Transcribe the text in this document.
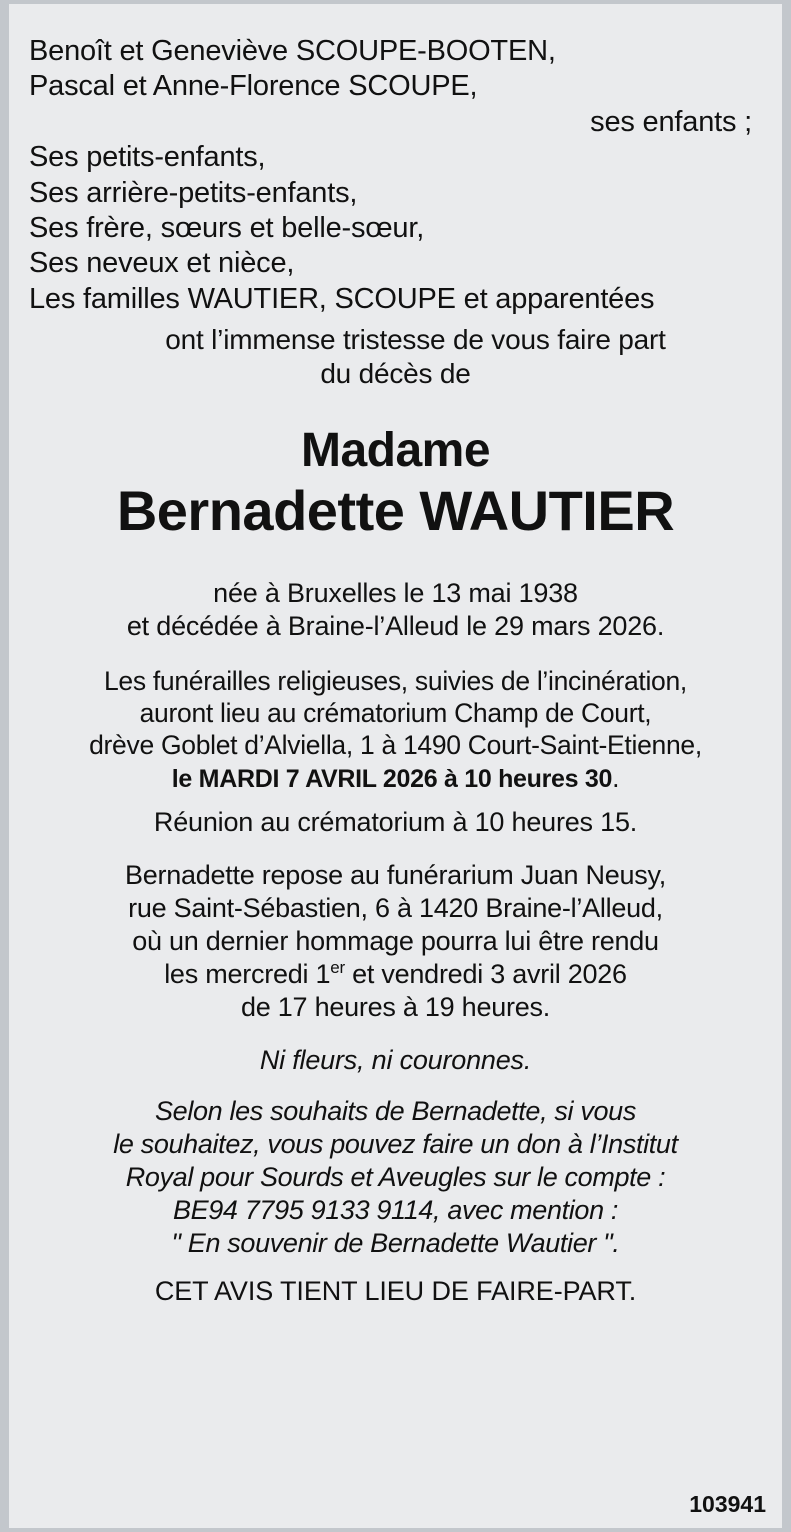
Benoît et Geneviève SCOUPE-BOOTEN,
Pascal et Anne-Florence SCOUPE,
ses enfants ;
Ses petits-enfants,
Ses arrière-petits-enfants,
Ses frère, sœurs et belle-sœur,
Ses neveux et nièce,
Les familles WAUTIER, SCOUPE et apparentées
ont l’immense tristesse de vous faire part
du décès de
Madame
Bernadette WAUTIER
née à Bruxelles le 13 mai 1938
et décédée à Braine-l’Alleud le 29 mars 2026.
Les funérailles religieuses, suivies de l’incinération,
auront lieu au crématorium Champ de Court,
drève Goblet d’Alviella, 1 à 1490 Court-Saint-Etienne,
le MARDI 7 AVRIL 2026 à 10 heures 30.
Réunion au crématorium à 10 heures 15.
Bernadette repose au funérarium Juan Neusy,
rue Saint-Sébastien, 6 à 1420 Braine-l’Alleud,
où un dernier hommage pourra lui être rendu
les mercredi 1er et vendredi 3 avril 2026
de 17 heures à 19 heures.
Ni fleurs, ni couronnes.
Selon les souhaits de Bernadette, si vous
le souhaitez, vous pouvez faire un don à l’Institut
Royal pour Sourds et Aveugles sur le compte :
BE94 7795 9133 9114, avec mention :
" En souvenir de Bernadette Wautier ".
CET AVIS TIENT LIEU DE FAIRE-PART.
103941
